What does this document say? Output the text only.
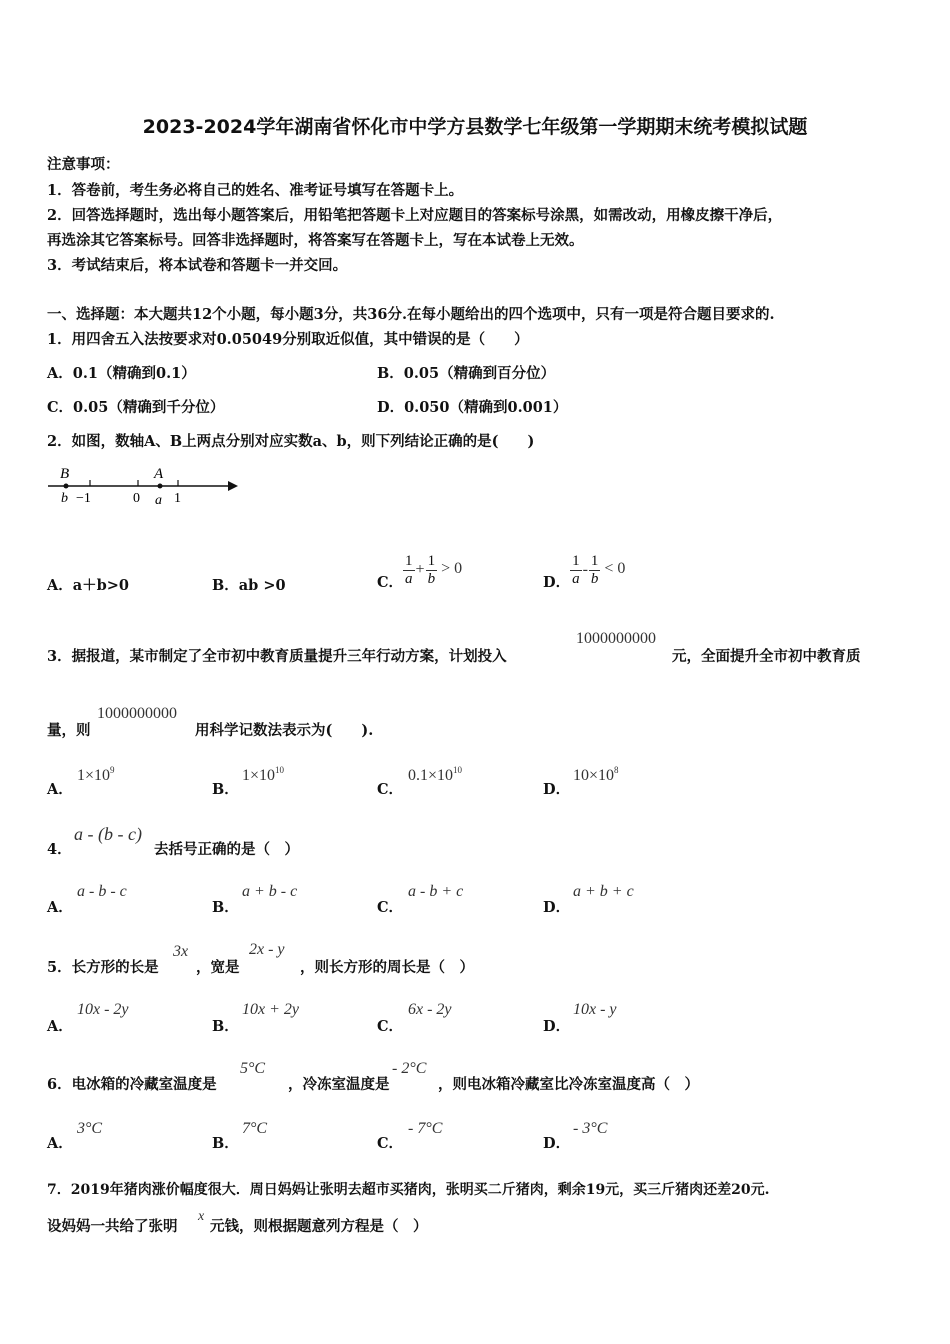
2023-2024学年湖南省怀化市中学方县数学七年级第一学期期末统考模拟试题
注意事项：
1．答卷前，考生务必将自己的姓名、准考证号填写在答题卡上。
2．回答选择题时，选出每小题答案后，用铅笔把答题卡上对应题目的答案标号涂黑，如需改动，用橡皮擦干净后，
再选涂其它答案标号。回答非选择题时，将答案写在答题卡上，写在本试卷上无效。
3．考试结束后，将本试卷和答题卡一并交回。
一、选择题：本大题共12个小题，每小题3分，共36分.在每小题给出的四个选项中，只有一项是符合题目要求的.
1．用四舍五入法按要求对0.05049分别取近似值，其中错误的是（　　）
A．0.1（精确到0.1）	B．0.05（精确到百分位）
C．0.05（精确到千分位）	D．0.050（精确到0.001）
2．如图，数轴A、B上两点分别对应实数a、b，则下列结论正确的是(　　)
B	A
b −1	0 a 1
A．a＋b>0	B．ab >0	C． $\frac{1}{a} + \frac{1}{b} > 0$
D． $\frac{1}{a} - \frac{1}{b} < 0$
3．据报道，某市制定了全市初中教育质量提升三年行动方案，计划投入
1000000000
元，全面提升全市初中教育质
量，则
1000000000
用科学记数法表示为(　　).
A．
$1\times 10^9$
B．
$1\times 10^{10}$
C．
$0.1\times 10^{10}$
D．
$10\times 10^8$
4．
a - (b - c)
去括号正确的是（　）
A．
a - b - c
B．
a + b - c
C．
a - b + c
D．
a + b + c
5．长方形的长是
3x
，宽是
2x - y
，则长方形的周长是（　）
A．
10x - 2y
B．
10x + 2y
C．
6x - 2y
D．
10x - y
6．电冰箱的冷藏室温度是
5°C
，冷冻室温度是
- 2°C
，则电冰箱冷藏室比冷冻室温度高（　）
A．
3°C
B．
7°C
C．
- 7°C
D．
- 3°C
7．2019年猪肉涨价幅度很大．周日妈妈让张明去超市买猪肉，张明买二斤猪肉，剩余19元，买三斤猪肉还差20元.
设妈妈一共给了张明
x
元钱，则根据题意列方程是（　）
